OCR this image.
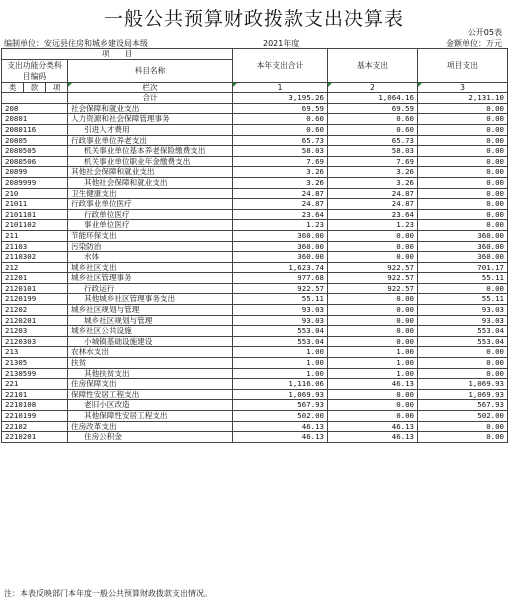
一般公共预算财政拨款支出决算表
公开05表
编制单位：安远县住房和城乡建设局本级	2021年度	金额单位：万元
项　　目				本年支出合计	基本支出	项目支出
支出功能分类科目编码			科目名称			

类	款	项				
			栏次	1	2	3
			合计	3,195.26	1,064.16	2,131.10
208			社会保障和就业支出	69.59	69.59	0.00
20801			人力资源和社会保障管理事务	0.60	0.60	0.00
2080116			引进人才费用	0.60	0.60	0.00
20805			行政事业单位养老支出	65.73	65.73	0.00
2080505			机关事业单位基本养老保险缴费支出	58.03	58.03	0.00
2080506			机关事业单位职业年金缴费支出	7.69	7.69	0.00
20899			其他社会保障和就业支出	3.26	3.26	0.00
2089999			其他社会保障和就业支出	3.26	3.26	0.00
210			卫生健康支出	24.87	24.87	0.00
21011			行政事业单位医疗	24.87	24.87	0.00
2101101			行政单位医疗	23.64	23.64	0.00
2101102			事业单位医疗	1.23	1.23	0.00
211			节能环保支出	360.00	0.00	360.00
21103			污染防治	360.00	0.00	360.00
2110302			水体	360.00	0.00	360.00
212			城乡社区支出	1,623.74	922.57	701.17
21201			城乡社区管理事务	977.68	922.57	55.11
2120101			行政运行	922.57	922.57	0.00
2120199			其他城乡社区管理事务支出	55.11	0.00	55.11
21202			城乡社区规划与管理	93.03	0.00	93.03
2120201			城乡社区规划与管理	93.03	0.00	93.03
21203			城乡社区公共设施	553.04	0.00	553.04
2120303			小城镇基础设施建设	553.04	0.00	553.04
213			农林水支出	1.00	1.00	0.00
21305			扶贫	1.00	1.00	0.00
2130599			其他扶贫支出	1.00	1.00	0.00
221			住房保障支出	1,116.06	46.13	1,069.93
22101			保障性安居工程支出	1,069.93	0.00	1,069.93
2210108			老旧小区改造	567.93	0.00	567.93
2210199			其他保障性安居工程支出	502.00	0.00	502.00
22102			住房改革支出	46.13	46.13	0.00
2210201			住房公积金	46.13	46.13	0.00
注：本表反映部门本年度一般公共预算财政拨款支出情况。
